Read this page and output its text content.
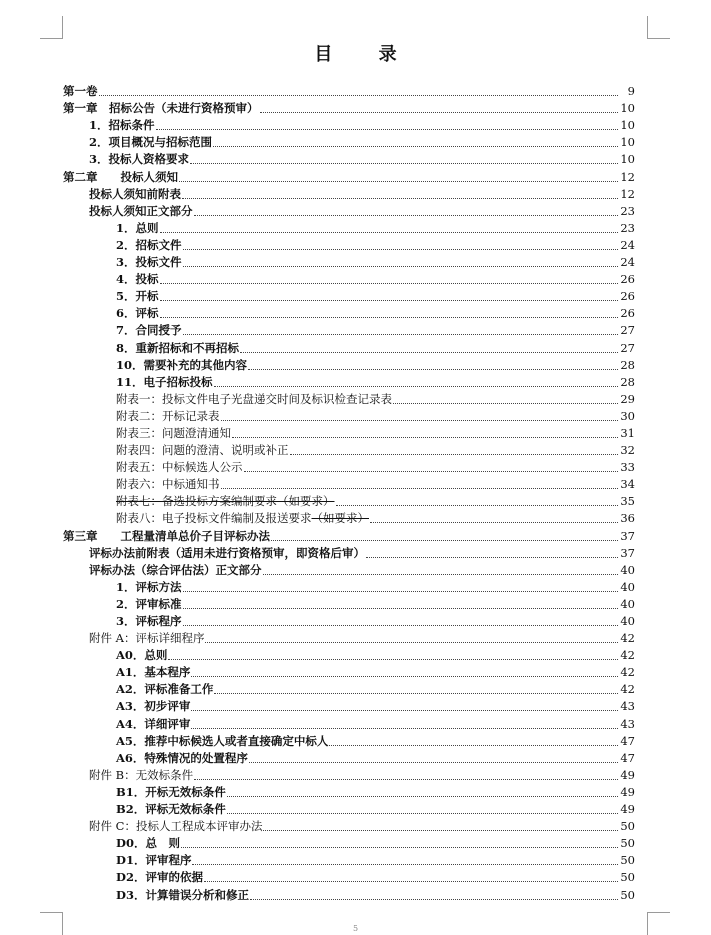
目 录
第一卷	9
第一章　招标公告（未进行资格预审）	10
1．招标条件	10
2．项目概况与招标范围	10
3．投标人资格要求	10
第二章　　投标人须知	12
投标人须知前附表	12
投标人须知正文部分	23
1．总则	23
2．招标文件	24
3．投标文件	24
4．投标	26
5．开标	26
6．评标	26
7．合同授予	27
8．重新招标和不再招标	27
10．需要补充的其他内容	28
11．电子招标投标	28
附表一：投标文件电子光盘递交时间及标识检查记录表	29
附表二：开标记录表	30
附表三：问题澄清通知	31
附表四：问题的澄清、说明或补正	32
附表五：中标候选人公示	33
附表六：中标通知书	34
附表七：备选投标方案编制要求（如要求）	35
附表八：电子投标文件编制及报送要求 （如要求）	36
第三章　　工程量清单总价子目评标办法	37
评标办法前附表（适用未进行资格预审，即资格后审）	37
评标办法（综合评估法）正文部分	40
1．评标方法	40
2．评审标准	40
3．评标程序	40
附件 A：评标详细程序	42
A0．总则	42
A1．基本程序	42
A2．评标准备工作	42
A3．初步评审	43
A4．详细评审	43
A5．推荐中标候选人或者直接确定中标人	47
A6．特殊情况的处置程序	47
附件 B：无效标条件	49
B1．开标无效标条件	49
B2．评标无效标条件	49
附件 C：投标人工程成本评审办法	50
D0．总　则	50
D1．评审程序	50
D2．评审的依据	50
D3．计算错误分析和修正	50
5
